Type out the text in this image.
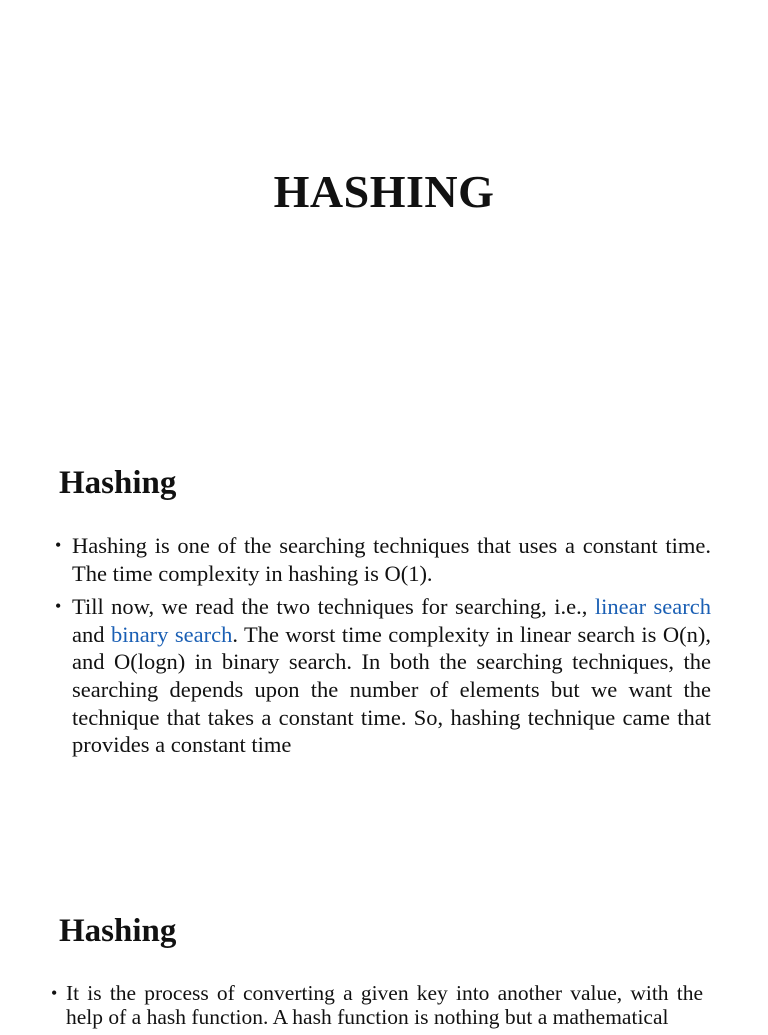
HASHING
Hashing
• Hashing is one of the searching techniques that uses a constant time. The time complexity in hashing is O(1).
• Till now, we read the two techniques for searching, i.e., linear search and binary search. The worst time complexity in linear search is O(n), and O(logn) in binary search. In both the searching techniques, the searching depends upon the number of elements but we want the technique that takes a constant time. So, hashing technique came that provides a constant time
Hashing
• It is the process of converting a given key into another value, with the help of a hash function. A hash function is nothing but a mathematical
